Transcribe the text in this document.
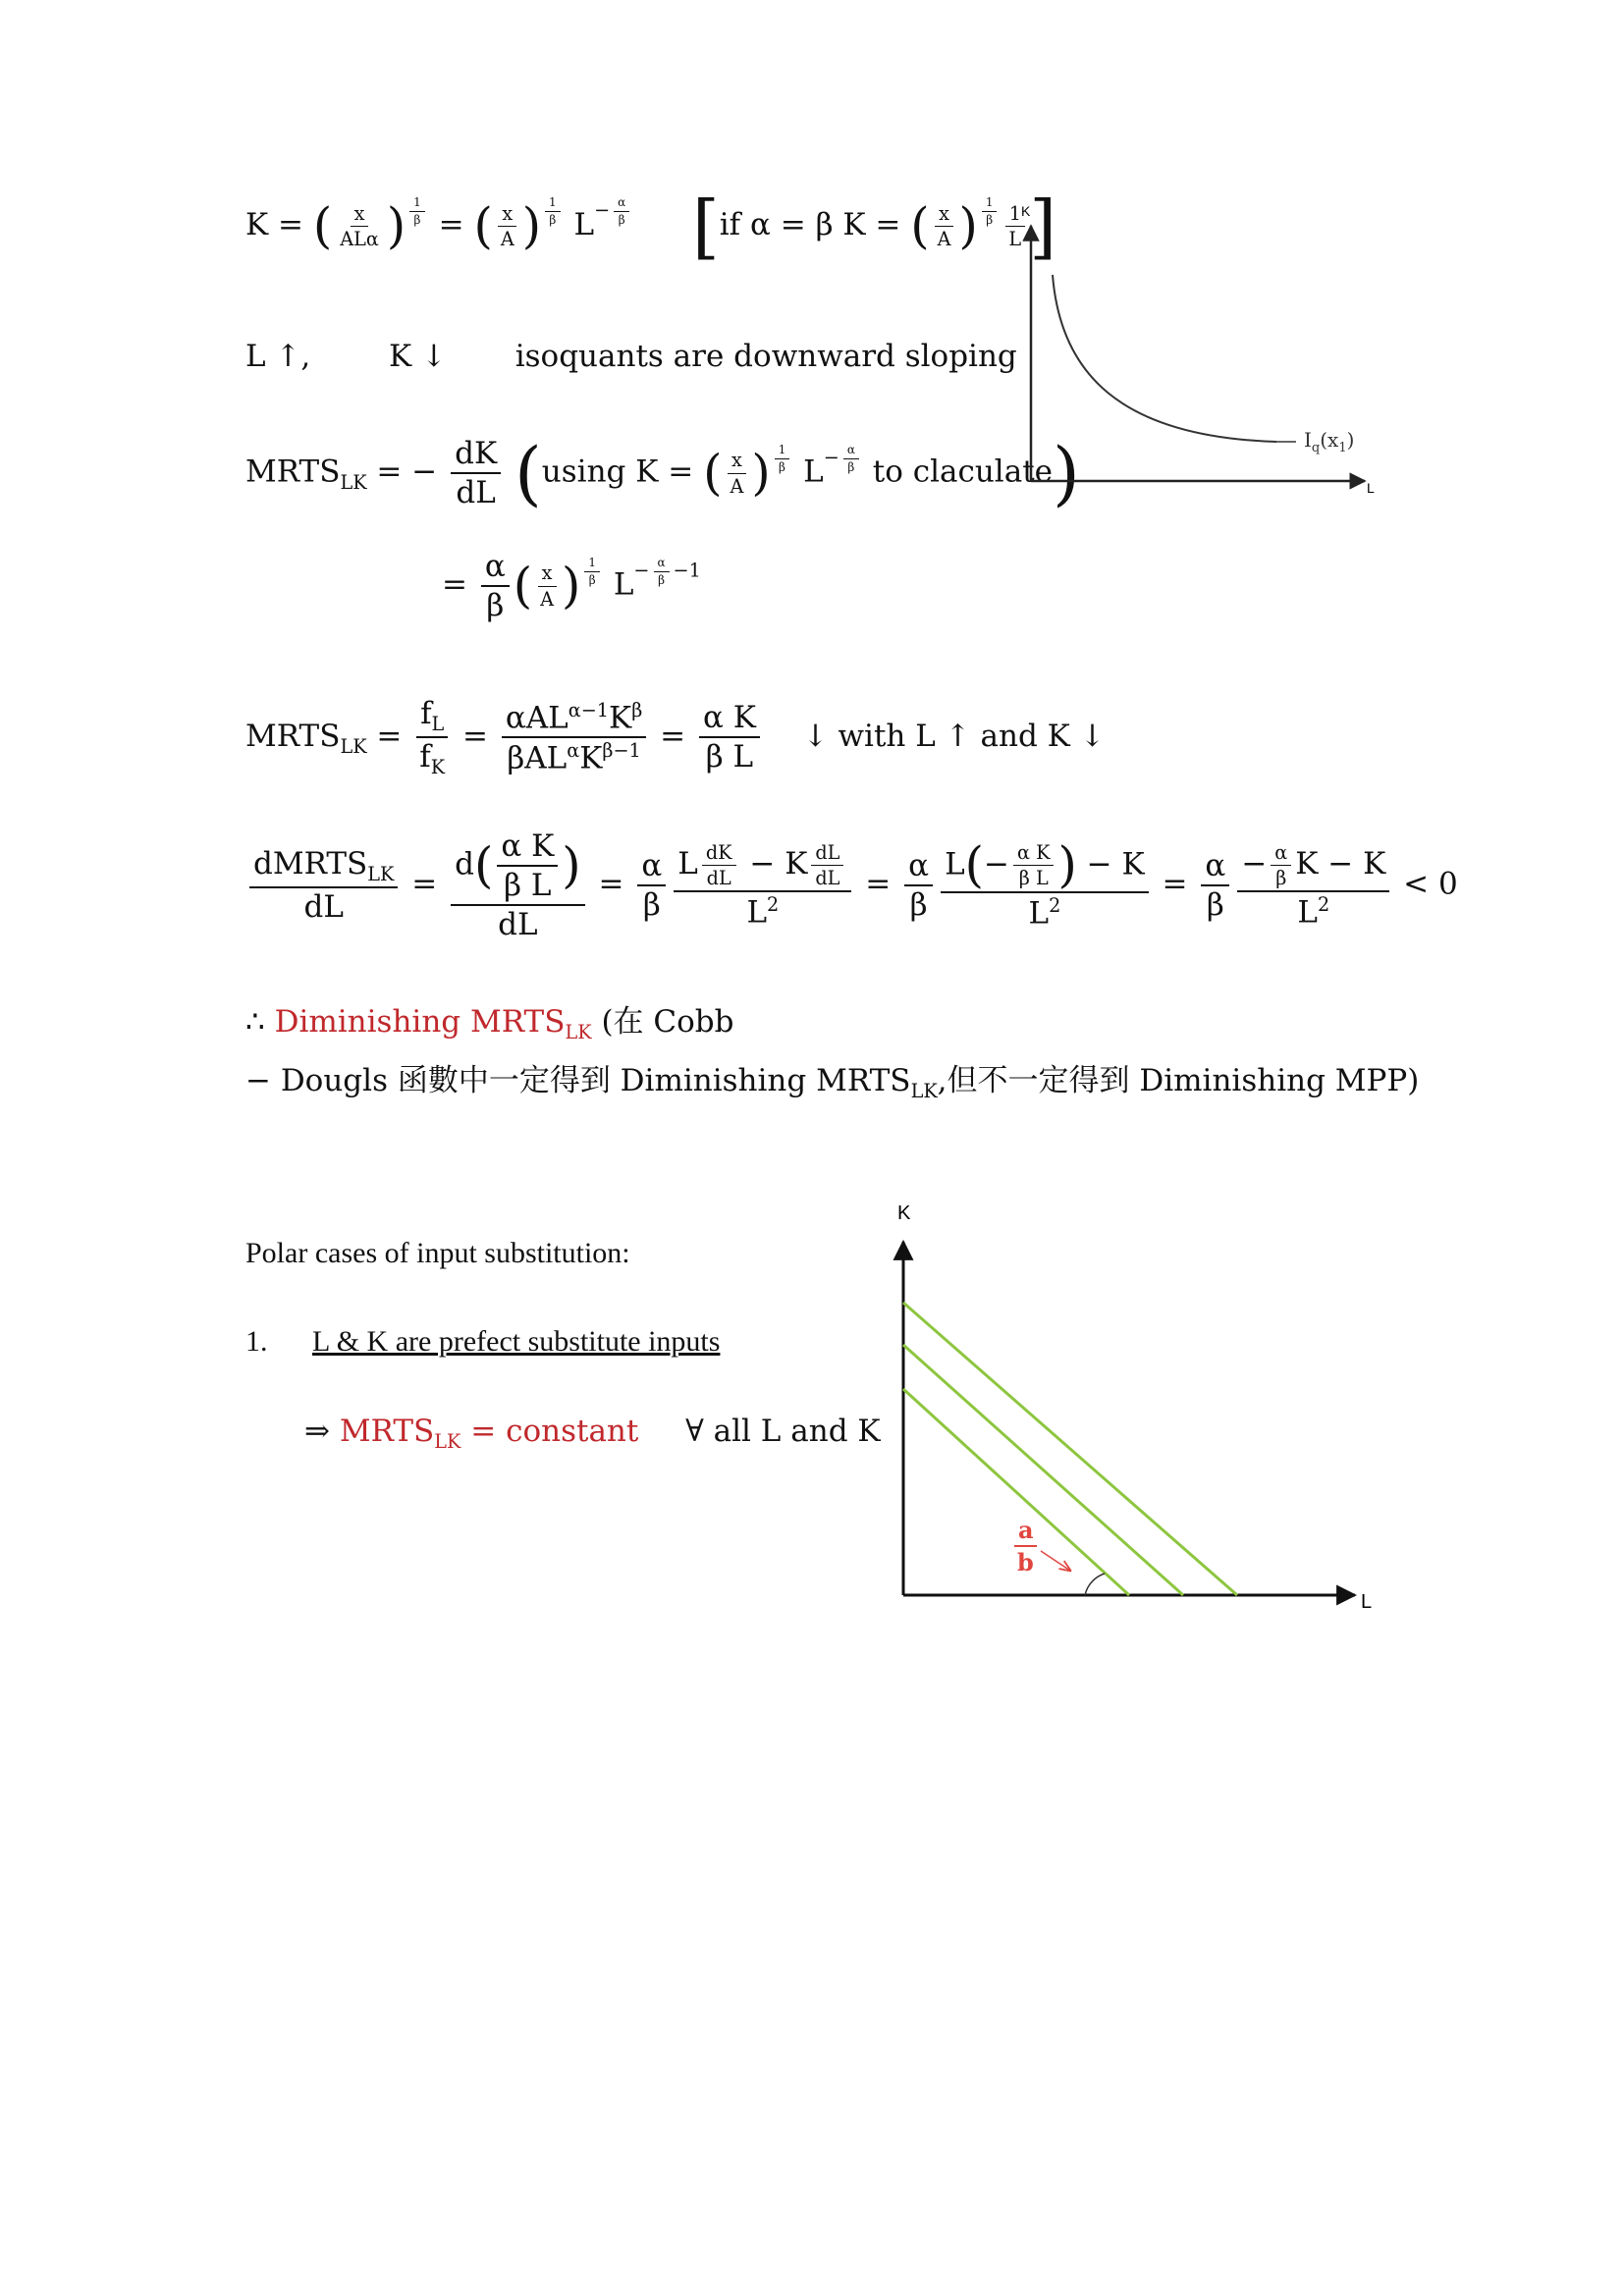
K = ( $\frac{x}{\text{ALα}}$ ) $\frac{1}{\beta}$ = ( $\frac{x}{A}$ ) $\frac{1}{\beta} L- \frac{\alpha}{\beta} [if$ α = β K = ( $\frac{x}{A}$ ) $\frac{1}{\beta} \frac{1}{L}$ ]
L ↑,	K ↓ isoquants are downward sloping
$MRTS_{LK}$ = − $\frac{dK}{dL} (using$ K = ( $\frac{x}{A}$ ) $\frac{1}{\beta} L- \frac{\alpha}{\beta}$ to claculate)
= $\frac{\alpha}{\beta}$ ( $\frac{x}{A}$ ) $\frac{1}{\beta} L- \frac{\alpha}{\beta} -1$
$MRTS_{LK} = \frac{f_L}{f_K} = \frac{\alpha AL^{\alpha-1}K^\beta}{\beta AL^\alpha K^{\beta-1}} = \frac{\text{α K}}{\text{β L}}$ ↓ with L ↑ and K ↓
$\frac{dMRTS_{LK}}{dL} = \frac{d( \frac{\text{α K}}{\text{β L}} )}{dL} = \frac{\alpha}{\beta} \frac{L \frac{dK}{dL} - K \frac{dL}{dL}}{L^2} = \frac{\alpha}{\beta} \frac{L(- \frac{\text{α K}}{\text{β L}} ) - K}{L^2} = \frac{\alpha}{\beta} \frac{- \frac{\alpha}{\beta} K - K}{L^2} < 0$
∴ Diminishing $MRTS_{LK}$ (在 Cobb
− Dougls 函數中一定得到 Diminishing $MRTS_{LK}$,但不一定得到 Diminishing MPP)
Polar cases of input substitution:
1. L & K are prefect substitute inputs
⇒ $MRTS_{LK}$ = constant ∀ all L and K
K
L
$I_q(x_1)$
K
L
a
b
